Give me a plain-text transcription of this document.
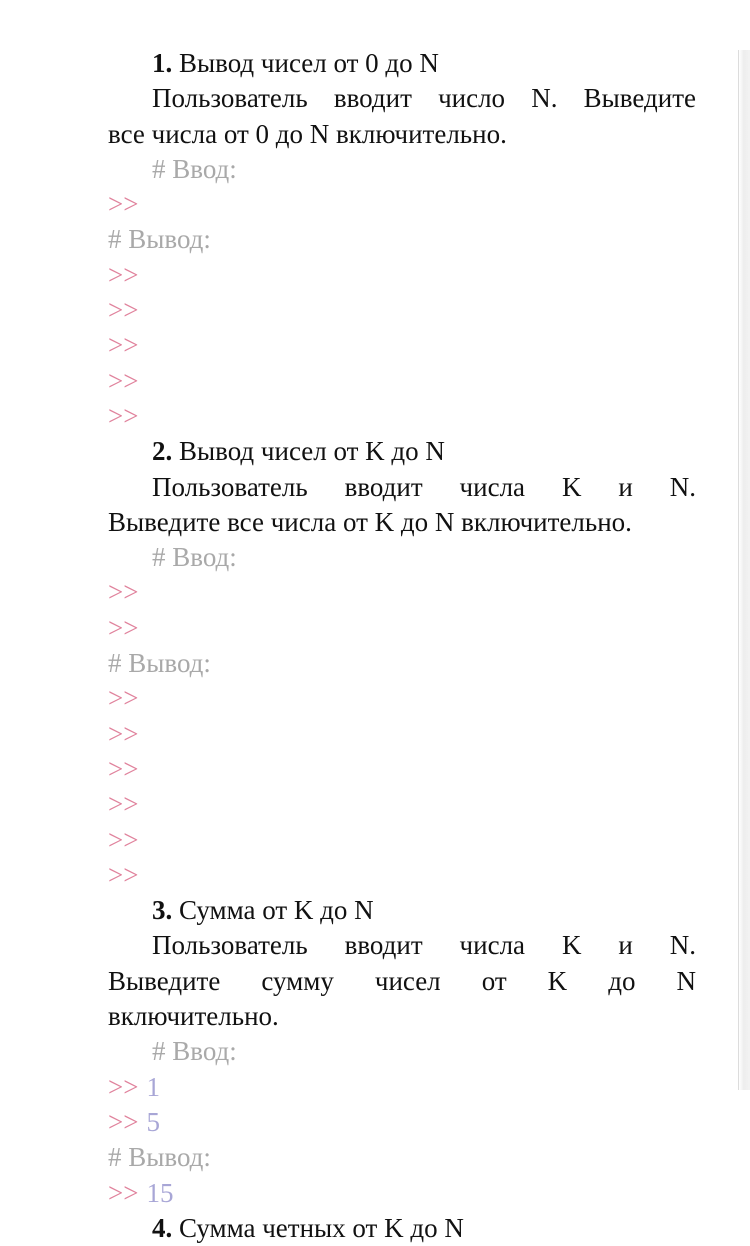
1. Вывод чисел от 0 до N
Пользователь вводит число N. Выведите
все числа от 0 до N включительно.
# Ввод:
>>
# Вывод:
>>
>>
>>
>>
>>
2. Вывод чисел от K до N
Пользователь вводит числа K и N.
Выведите все числа от K до N включительно.
# Ввод:
>>
>>
# Вывод:
>>
>>
>>
>>
>>
>>
3. Сумма от K до N
Пользователь вводит числа K и N.
Выведите сумму чисел от K до N
включительно.
# Ввод:
>> 1
>> 5
# Вывод:
>> 15
4. Сумма четных от K до N
